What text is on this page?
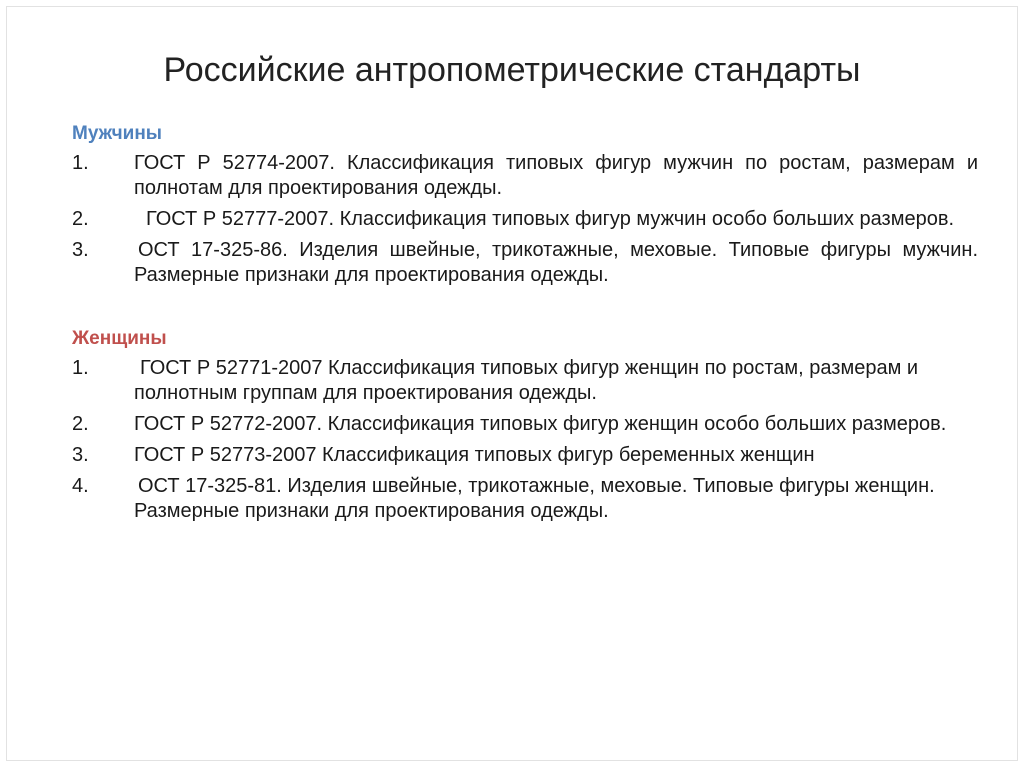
Российские антропометрические стандарты
Мужчины
1.	ГОСТ Р 52774-2007. Классификация типовых фигур мужчин по ростам, размерам и полнотам для проектирования одежды.
2.	ГОСТ Р 52777-2007. Классификация типовых фигур мужчин особо больших размеров.
3.	ОСТ 17-325-86. Изделия швейные, трикотажные, меховые. Типовые фигуры мужчин. Размерные признаки для проектирования одежды.
Женщины
1.	ГОСТ Р 52771-2007 Классификация типовых фигур женщин по ростам, размерам и полнотным группам для проектирования одежды.
2.	ГОСТ Р 52772-2007. Классификация типовых фигур женщин особо больших размеров.
3.	ГОСТ Р 52773-2007 Классификация типовых фигур беременных женщин
4.	ОСТ 17-325-81. Изделия швейные, трикотажные, меховые. Типовые фигуры женщин. Размерные признаки для проектирования одежды.
